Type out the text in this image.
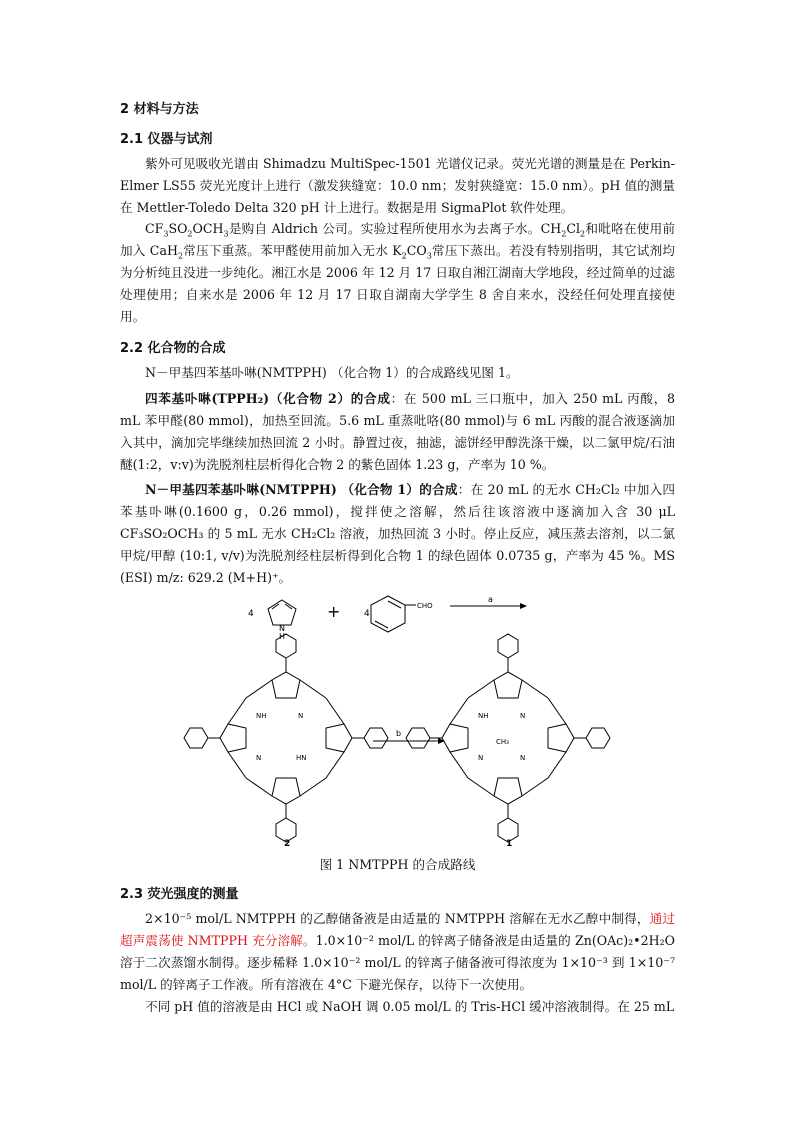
2 材料与方法

2.1 仪器与试剂

紫外可见吸收光谱由 Shimadzu MultiSpec-1501 光谱仪记录。荧光光谱的测量是在 Perkin-Elmer LS55 荧光光度计上进行（激发狭缝宽：10.0 nm；发射狭缝宽：15.0 nm）。pH 值的测量在 Mettler-Toledo Delta 320 pH 计上进行。数据是用 SigmaPlot 软件处理。

$CF_3SO_2OCH_3$是购自 Aldrich 公司。实验过程所使用水为去离子水。$CH_2Cl_2$和吡咯在使用前加入 CaH$_2$常压下重蒸。苯甲醛使用前加入无水 $K_2CO_3$常压下蒸出。若没有特别指明，其它试剂均为分析纯且没进一步纯化。湘江水是 2006 年 12 月 17 日取自湘江湖南大学地段，经过简单的过滤处理使用；自来水是 2006 年 12 月 17 日取自湖南大学学生 8 舍自来水，没经任何处理直接使用。

2.2 化合物的合成

N－甲基四苯基卟啉(NMTPPH) （化合物 1）的合成路线见图 1。

四苯基卟啉(TPPH₂)（化合物 2）的合成：在 500 mL 三口瓶中，加入 250 mL 丙酸，8 mL 苯甲醛(80 mmol)，加热至回流。5.6 mL 重蒸吡咯(80 mmol)与 6 mL 丙酸的混合液逐滴加入其中，滴加完毕继续加热回流 2 小时。静置过夜，抽滤，滤饼经甲醇洗涤干燥，以二氯甲烷/石油醚(1:2，v:v)为洗脱剂柱层析得化合物 2 的紫色固体 1.23 g，产率为 10 %。

N－甲基四苯基卟啉(NMTPPH) （化合物 1）的合成：在 20 mL 的无水 CH₂Cl₂ 中加入四苯基卟啉(0.1600 g，0.26 mmol)，搅拌使之溶解，然后往该溶液中逐滴加入含 30 μL CF₃SO₂OCH₃ 的 5 mL 无水 CH₂Cl₂ 溶液，加热回流 3 小时。停止反应，减压蒸去溶剂，以二氯甲烷/甲醇 (10:1, v/v)为洗脱剂经柱层析得到化合物 1 的绿色固体 0.0735 g，产率为 45 %。MS (ESI) m/z: 629.2 (M+H)⁺。

4
N
H
+	4
CHO
a
NH	N
N	HN
2
b
NH	N
N	N
CH₃
1

图 1 NMTPPH 的合成路线

2.3 荧光强度的测量

2×10⁻⁵ mol/L NMTPPH 的乙醇储备液是由适量的 NMTPPH 溶解在无水乙醇中制得，通过超声震荡使 NMTPPH 充分溶解。1.0×10⁻² mol/L 的锌离子储备液是由适量的 Zn(OAc)₂•2H₂O 溶于二次蒸馏水制得。逐步稀释 1.0×10⁻² mol/L 的锌离子储备液可得浓度为 1×10⁻³ 到 1×10⁻⁷ mol/L 的锌离子工作液。所有溶液在 4°C 下避光保存，以待下一次使用。

不同 pH 值的溶液是由 HCl 或 NaOH 调 0.05 mol/L 的 Tris-HCl 缓冲溶液制得。在 25 mL
